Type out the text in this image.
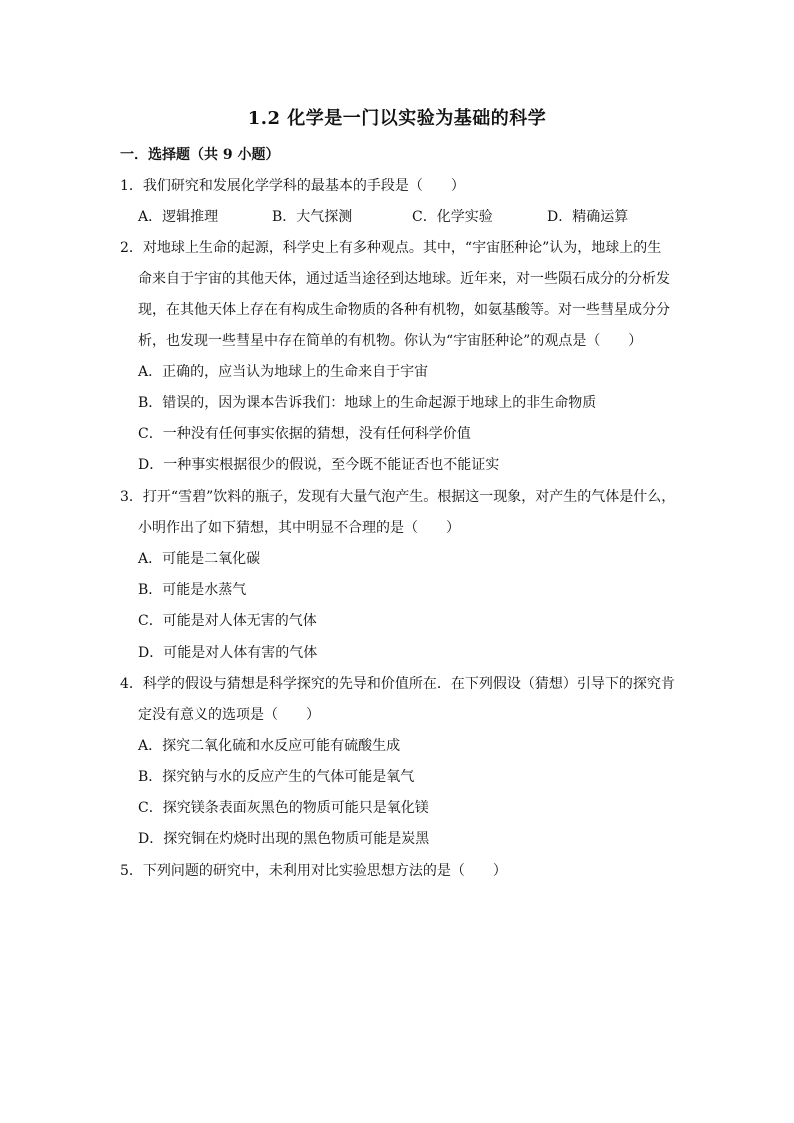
1.2 化学是一门以实验为基础的科学
一．选择题（共 9 小题）
1．我们研究和发展化学学科的最基本的手段是（　　）
A．逻辑推理	B．大气探测	C．化学实验	D．精确运算
2．对地球上生命的起源，科学史上有多种观点。其中，“宇宙胚种论”认为，地球上的生
命来自于宇宙的其他天体，通过适当途径到达地球。近年来，对一些陨石成分的分析发
现，在其他天体上存在有构成生命物质的各种有机物，如氨基酸等。对一些彗星成分分
析，也发现一些彗星中存在简单的有机物。你认为“宇宙胚种论”的观点是（　　）
A．正确的，应当认为地球上的生命来自于宇宙
B．错误的，因为课本告诉我们：地球上的生命起源于地球上的非生命物质
C．一种没有任何事实依据的猜想，没有任何科学价值
D．一种事实根据很少的假说，至今既不能证否也不能证实
3．打开“雪碧”饮料的瓶子，发现有大量气泡产生。根据这一现象，对产生的气体是什么，
小明作出了如下猜想，其中明显不合理的是（　　）
A．可能是二氧化碳
B．可能是水蒸气
C．可能是对人体无害的气体
D．可能是对人体有害的气体
4．科学的假设与猜想是科学探究的先导和价值所在．在下列假设（猜想）引导下的探究肯
定没有意义的选项是（　　）
A．探究二氧化硫和水反应可能有硫酸生成
B．探究钠与水的反应产生的气体可能是氧气
C．探究镁条表面灰黑色的物质可能只是氧化镁
D．探究铜在灼烧时出现的黑色物质可能是炭黑
5．下列问题的研究中，未利用对比实验思想方法的是（　　）
